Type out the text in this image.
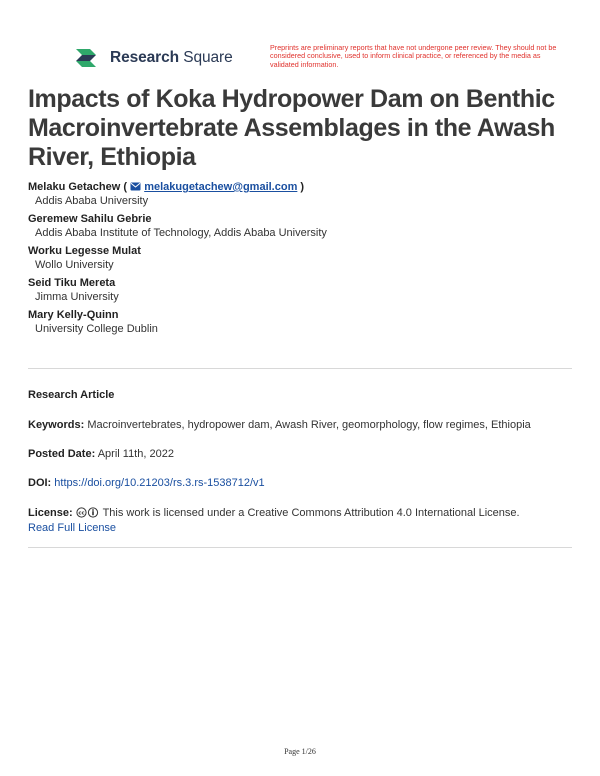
Research Square
Preprints are preliminary reports that have not undergone peer review. They should not be considered conclusive, used to inform clinical practice, or referenced by the media as validated information.
Impacts of Koka Hydropower Dam on Benthic Macroinvertebrate Assemblages in the Awash River, Ethiopia
Melaku Getachew (  melakugetachew@gmail.com )
Addis Ababa University
Geremew Sahilu Gebrie
Addis Ababa Institute of Technology, Addis Ababa University
Worku Legesse Mulat
Wollo University
Seid Tiku Mereta
Jimma University
Mary Kelly-Quinn
University College Dublin
Research Article
Keywords: Macroinvertebrates, hydropower dam, Awash River, geomorphology, flow regimes, Ethiopia
Posted Date: April 11th, 2022
DOI: https://doi.org/10.21203/rs.3.rs-1538712/v1
License: cc This work is licensed under a Creative Commons Attribution 4.0 International License.
Read Full License
Page 1/26
